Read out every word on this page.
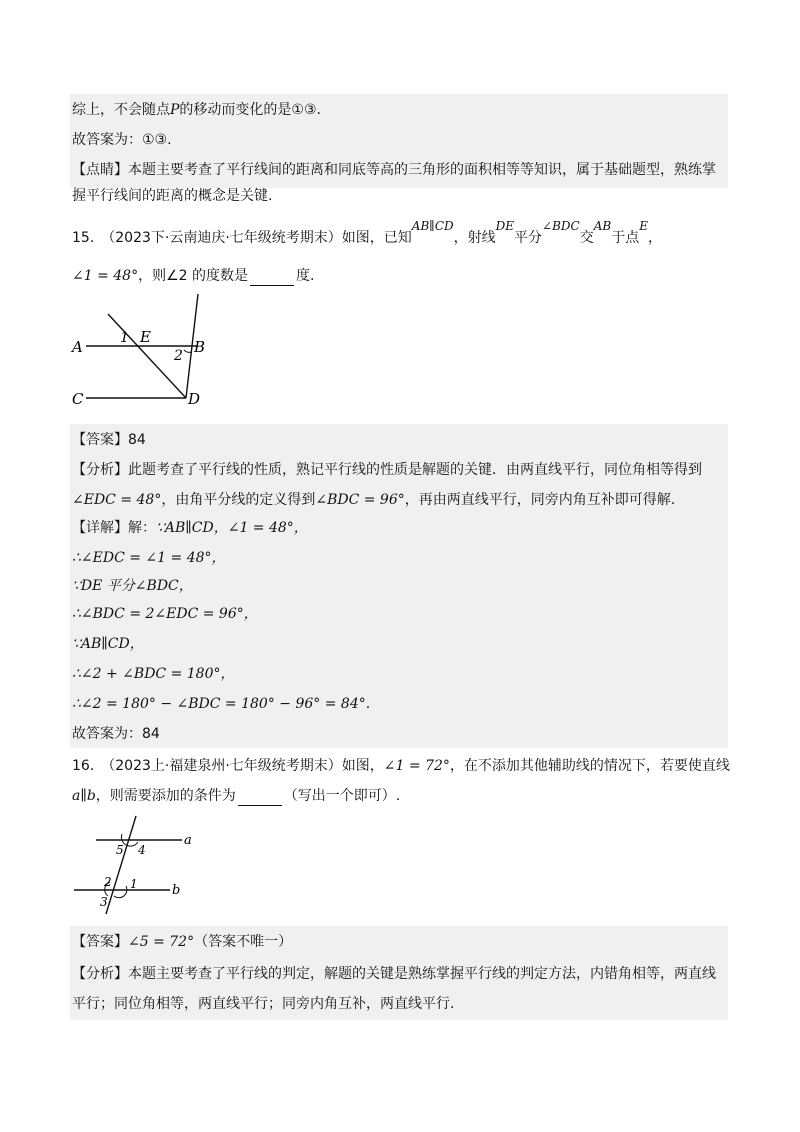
综上，不会随点P的移动而变化的是①③.
故答案为：①③.
【点睛】本题主要考查了平行线间的距离和同底等高的三角形的面积相等等知识，属于基础题型，熟练掌
握平行线间的距离的概念是关键.
15.　（2023下·云南迪庆·七年级统考期末）如图，已知AB∥CD，射线DE平分∠BDC交AB于点E，
∠1 = 48°，则∠2 的度数是	度.
A	B
C	D
E
1
2
【答案】84
【分析】此题考查了平行线的性质，熟记平行线的性质是解题的关键．由两直线平行，同位角相等得到
∠EDC = 48°，由角平分线的定义得到∠BDC = 96°，再由两直线平行，同旁内角互补即可得解.
【详解】解：∵AB∥CD，∠1 = 48°，
∴∠EDC = ∠1 = 48°，
∵DE 平分∠BDC，
∴∠BDC = 2∠EDC = 96°，
∵AB∥CD，
∴∠2 + ∠BDC = 180°，
∴∠2 = 180° − ∠BDC = 180° − 96° = 84°.
故答案为：84
16.　（2023上·福建泉州·七年级统考期末）如图，∠1 = 72°，在不添加其他辅助线的情况下，若要使直线
a∥b，则需要添加的条件为	（写出一个即可）.
a
b
5 4
2 1
3
【答案】∠5 = 72°（答案不唯一）
【分析】本题主要考查了平行线的判定，解题的关键是熟练掌握平行线的判定方法，内错角相等，两直线
平行；同位角相等，两直线平行；同旁内角互补，两直线平行.
